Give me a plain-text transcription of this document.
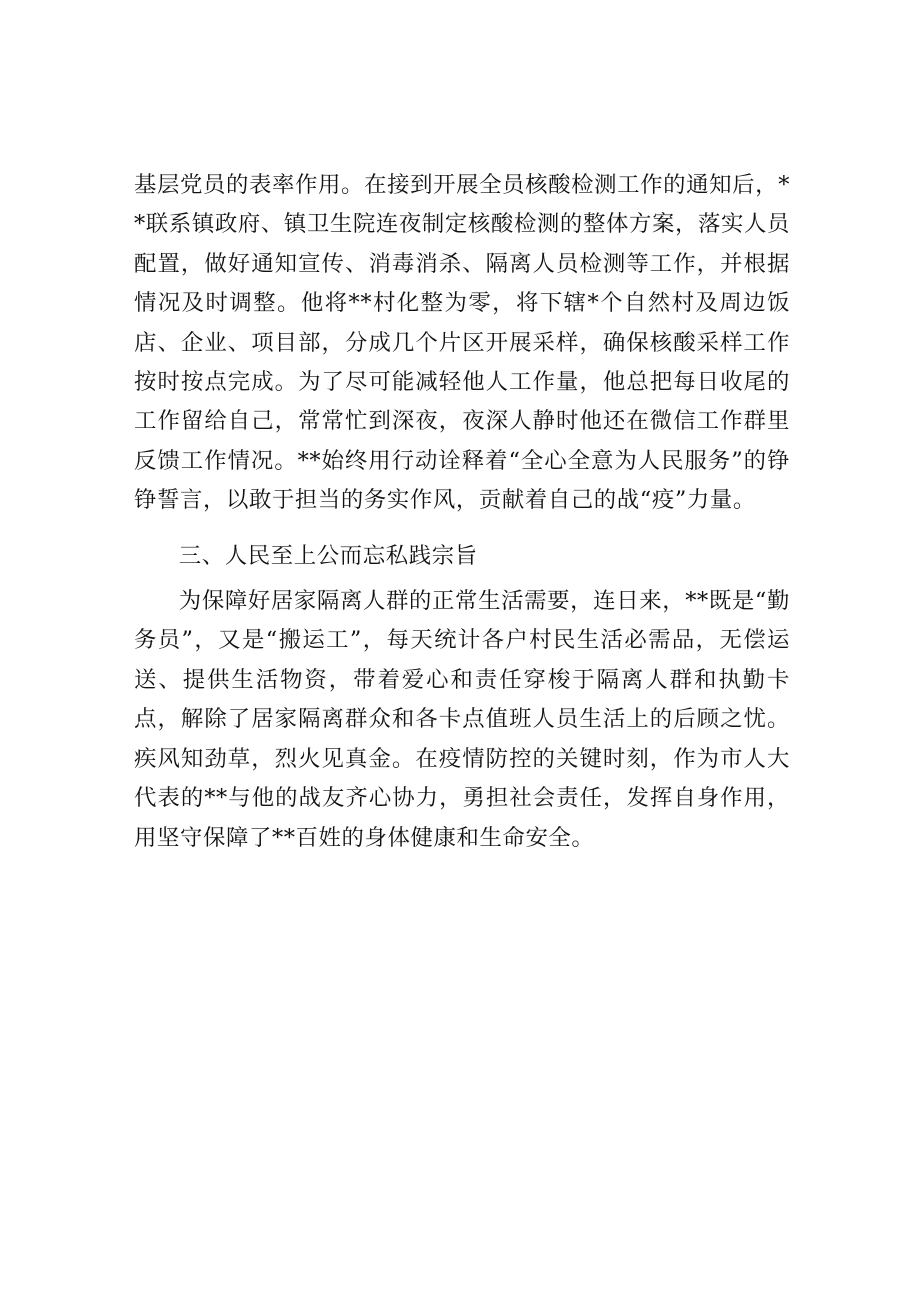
基层党员的表率作用。在接到开展全员核酸检测工作的通知后，**联系镇政府、镇卫生院连夜制定核酸检测的整体方案，落实人员配置，做好通知宣传、消毒消杀、隔离人员检测等工作，并根据情况及时调整。他将**村化整为零，将下辖*个自然村及周边饭店、企业、项目部，分成几个片区开展采样，确保核酸采样工作按时按点完成。为了尽可能减轻他人工作量，他总把每日收尾的工作留给自己，常常忙到深夜，夜深人静时他还在微信工作群里反馈工作情况。**始终用行动诠释着“全心全意为人民服务”的铮铮誓言，以敢于担当的务实作风，贡献着自己的战“疫”力量。

三、人民至上公而忘私践宗旨

为保障好居家隔离人群的正常生活需要，连日来，**既是“勤务员”，又是“搬运工”，每天统计各户村民生活必需品，无偿运送、提供生活物资，带着爱心和责任穿梭于隔离人群和执勤卡点，解除了居家隔离群众和各卡点值班人员生活上的后顾之忧。疾风知劲草，烈火见真金。在疫情防控的关键时刻，作为市人大代表的**与他的战友齐心协力，勇担社会责任，发挥自身作用，用坚守保障了**百姓的身体健康和生命安全。
